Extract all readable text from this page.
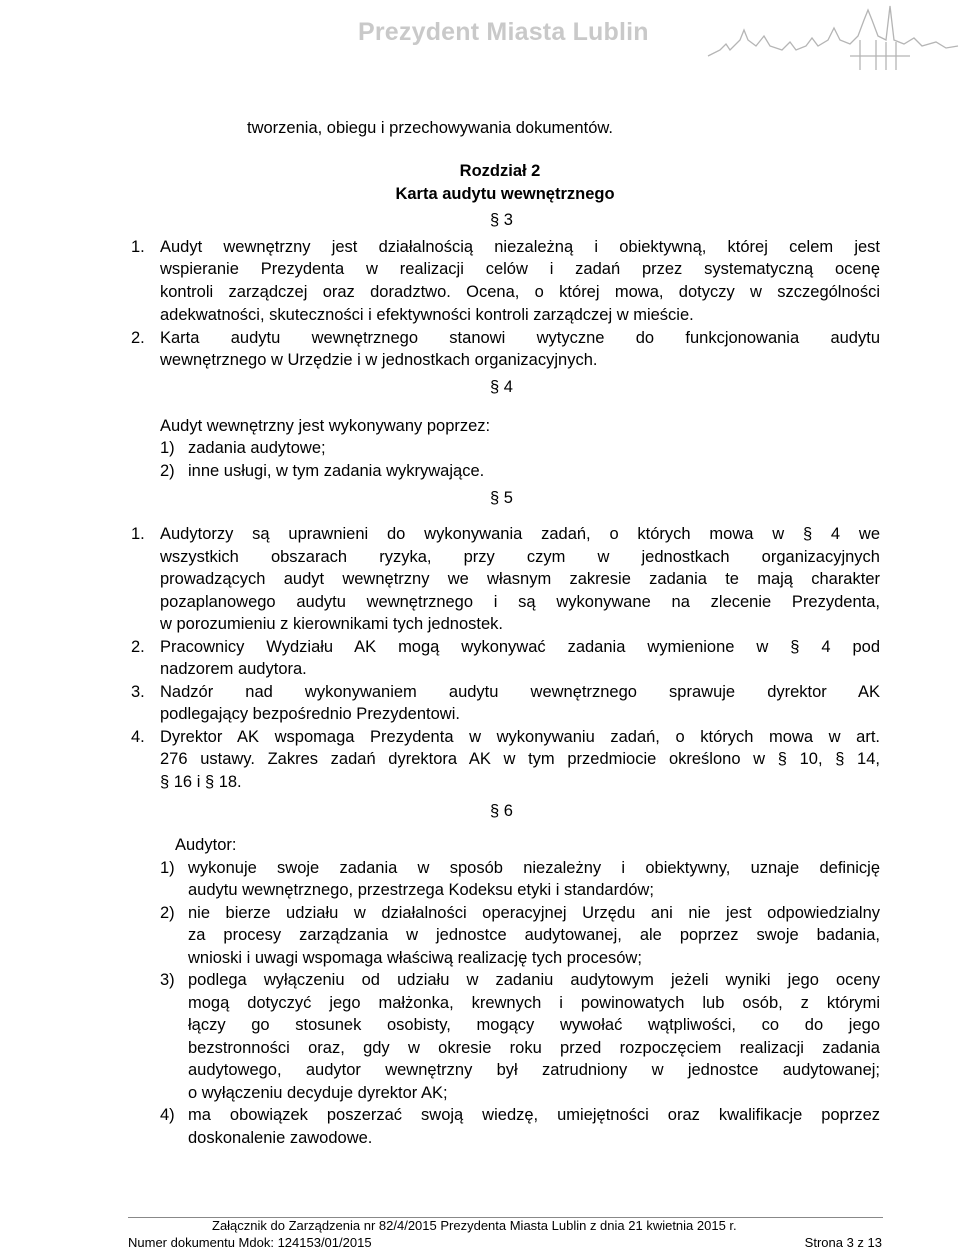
Prezydent Miasta Lublin
tworzenia, obiegu i przechowywania dokumentów.
Rozdział 2
Karta audytu wewnętrznego
§ 3
1. Audyt wewnętrzny jest działalnością niezależną i obiektywną, której celem jest
wspieranie Prezydenta w realizacji celów i zadań przez systematyczną ocenę
kontroli zarządczej oraz doradztwo. Ocena, o której mowa, dotyczy w szczególności
adekwatności, skuteczności i efektywności kontroli zarządczej w mieście.
2. Karta audytu wewnętrznego stanowi wytyczne do funkcjonowania audytu
wewnętrznego w Urzędzie i w jednostkach organizacyjnych.
§ 4
Audyt wewnętrzny jest wykonywany poprzez:
1) zadania audytowe;
2) inne usługi, w tym zadania wykrywające.
§ 5
1. Audytorzy są uprawnieni do wykonywania zadań, o których mowa w § 4 we
wszystkich obszarach ryzyka, przy czym w jednostkach organizacyjnych
prowadzących audyt wewnętrzny we własnym zakresie zadania te mają charakter
pozaplanowego audytu wewnętrznego i są wykonywane na zlecenie Prezydenta,
w porozumieniu z kierownikami tych jednostek.
2. Pracownicy Wydziału AK mogą wykonywać zadania wymienione w § 4 pod
nadzorem audytora.
3. Nadzór nad wykonywaniem audytu wewnętrznego sprawuje dyrektor AK
podlegający bezpośrednio Prezydentowi.
4. Dyrektor AK wspomaga Prezydenta w wykonywaniu zadań, o których mowa w art.
276 ustawy. Zakres zadań dyrektora AK w tym przedmiocie określono w § 10, § 14,
§ 16 i § 18.
§ 6
Audytor:
1) wykonuje swoje zadania w sposób niezależny i obiektywny, uznaje definicję
audytu wewnętrznego, przestrzega Kodeksu etyki i standardów;
2) nie bierze udziału w działalności operacyjnej Urzędu ani nie jest odpowiedzialny
za procesy zarządzania w jednostce audytowanej, ale poprzez swoje badania,
wnioski i uwagi wspomaga właściwą realizację tych procesów;
3) podlega wyłączeniu od udziału w zadaniu audytowym jeżeli wyniki jego oceny
mogą dotyczyć jego małżonka, krewnych i powinowatych lub osób, z którymi
łączy go stosunek osobisty, mogący wywołać wątpliwości, co do jego
bezstronności oraz, gdy w okresie roku przed rozpoczęciem realizacji zadania
audytowego, audytor wewnętrzny był zatrudniony w jednostce audytowanej;
o wyłączeniu decyduje dyrektor AK;
4) ma obowiązek poszerzać swoją wiedzę, umiejętności oraz kwalifikacje poprzez
doskonalenie zawodowe.
Załącznik do Zarządzenia nr 82/4/2015 Prezydenta Miasta Lublin z dnia 21 kwietnia 2015 r.
Numer dokumentu Mdok: 124153/01/2015	Strona 3 z 13
